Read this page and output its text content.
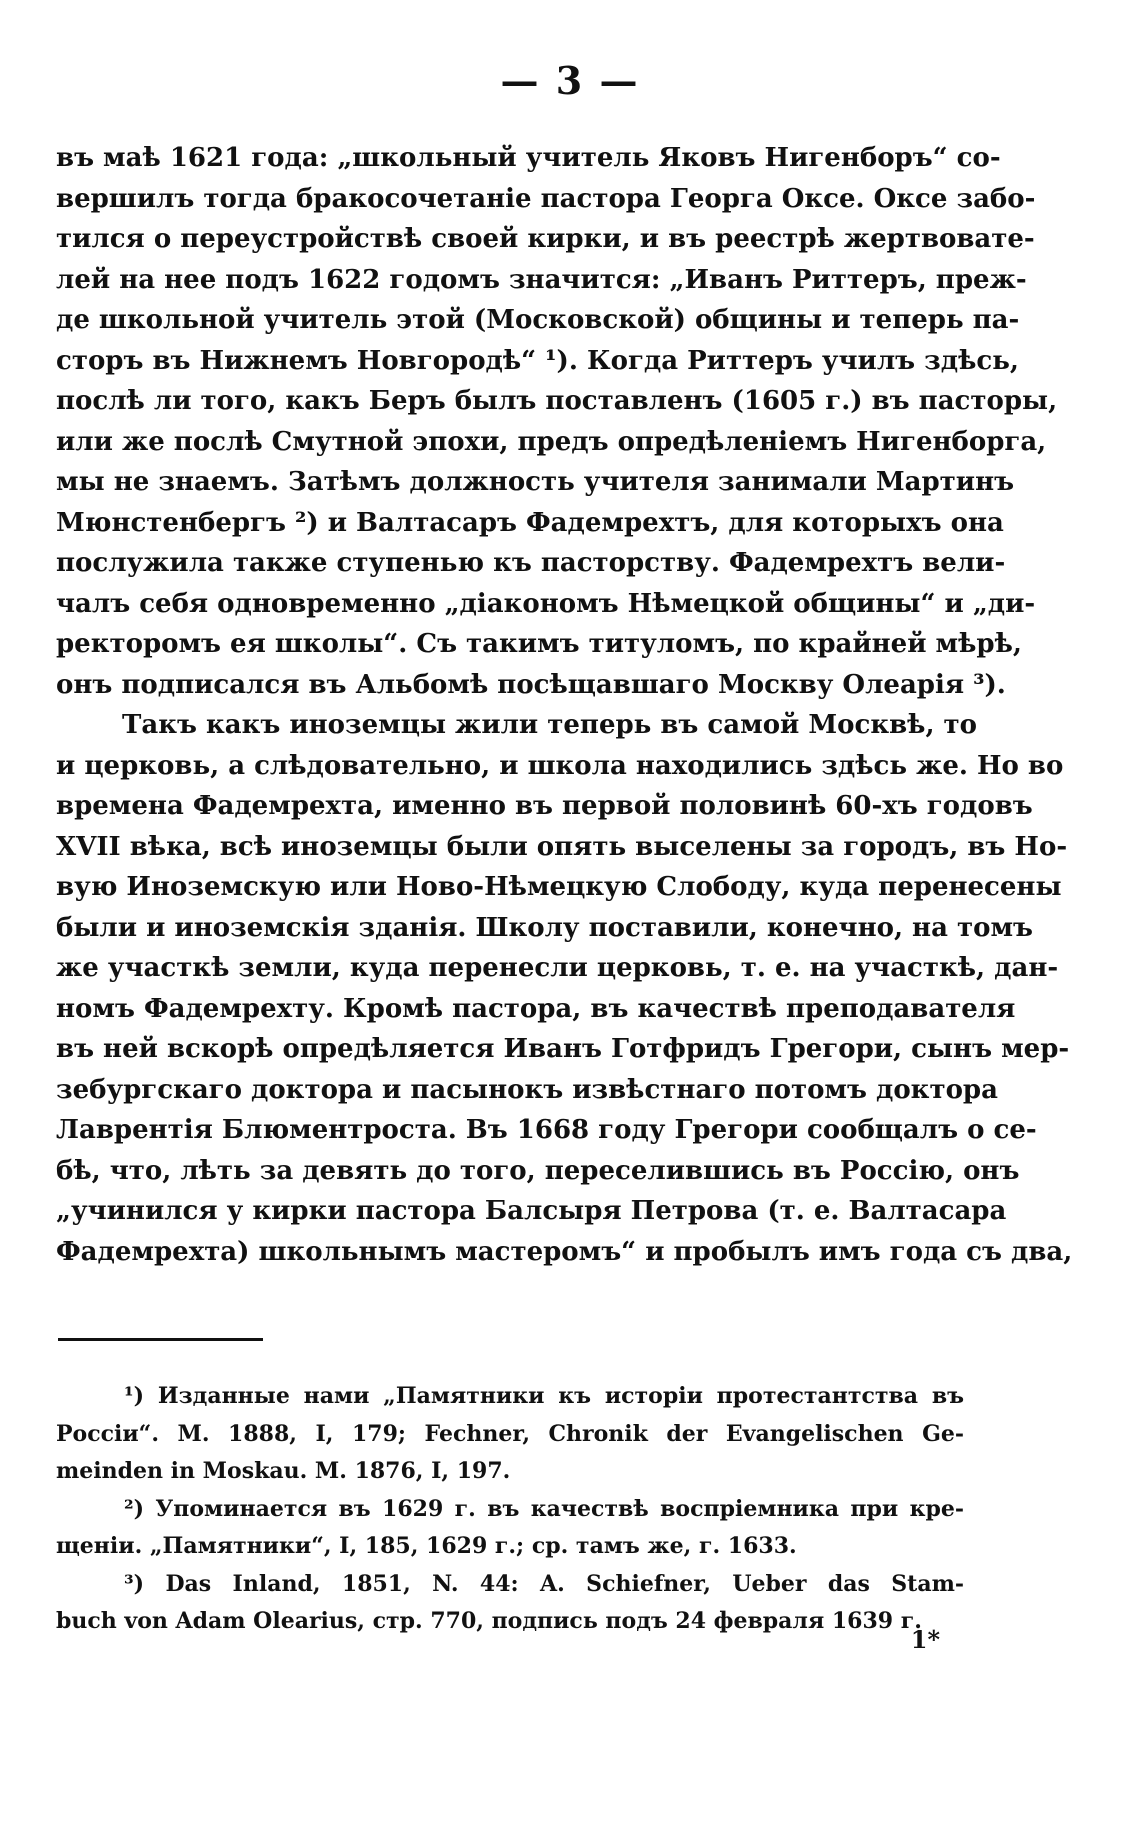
— 3 —
въ маѣ 1621 года: „школьный учитель Яковъ Нигенборъ“ со-
вершилъ тогда бракосочетаніе пастора Георга Оксе. Оксе забо-
тился о переустройствѣ своей кирки, и въ реестрѣ жертвовате-
лей на нее подъ 1622 годомъ значится: „Иванъ Риттеръ, преж-
де школьной учитель этой (Московской) общины и теперь па-
сторъ въ Нижнемъ Новгородѣ“ ¹). Когда Риттеръ училъ здѣсь,
послѣ ли того, какъ Беръ былъ поставленъ (1605 г.) въ пасторы,
или же послѣ Смутной эпохи, предъ опредѣленіемъ Нигенборга,
мы не знаемъ. Затѣмъ должность учителя занимали Мартинъ
Мюнстенбергъ ²) и Валтасаръ Фадемрехтъ, для которыхъ она
послужила также ступенью къ пасторству. Фадемрехтъ вели-
чалъ себя одновременно „діакономъ Нѣмецкой общины“ и „ди-
ректоромъ ея школы“. Съ такимъ титуломъ, по крайней мѣрѣ,
онъ подписался въ Альбомѣ посѣщавшаго Москву Олеарія ³).
Такъ какъ иноземцы жили теперь въ самой Москвѣ, то
и церковь, а слѣдовательно, и школа находились здѣсь же. Но во
времена Фадемрехта, именно въ первой половинѣ 60-хъ годовъ
XVII вѣка, всѣ иноземцы были опять выселены за городъ, въ Но-
вую Иноземскую или Ново-Нѣмецкую Слободу, куда перенесены
были и иноземскія зданія. Школу поставили, конечно, на томъ
же участкѣ земли, куда перенесли церковь, т. е. на участкѣ, дан-
номъ Фадемрехту. Кромѣ пастора, въ качествѣ преподавателя
въ ней вскорѣ опредѣляется Иванъ Готфридъ Грегори, сынъ мер-
зебургскаго доктора и пасынокъ извѣстнаго потомъ доктора
Лаврентія Блюментроста. Въ 1668 году Грегори сообщалъ о се-
бѣ, что, лѣть за девять до того, переселившись въ Россію, онъ
„учинился у кирки пастора Балсыря Петрова (т. е. Валтасара
Фадемрехта) школьнымъ мастеромъ“ и пробылъ имъ года съ два,
¹) Изданные нами „Памятники къ исторіи протестантства въ
Россіи“. М. 1888, I, 179; Fechner, Chronik der Evangelischen Ge-
meinden in Moskau. M. 1876, I, 197.
²) Упоминается въ 1629 г. въ качествѣ воспріемника при кре-
щеніи. „Памятники“, I, 185, 1629 г.; ср. тамъ же, г. 1633.
³) Das Inland, 1851, N. 44: A. Schiefner, Ueber das Stam-
buch von Adam Olearius, стр. 770, подпись подъ 24 февраля 1639 г.
1*
